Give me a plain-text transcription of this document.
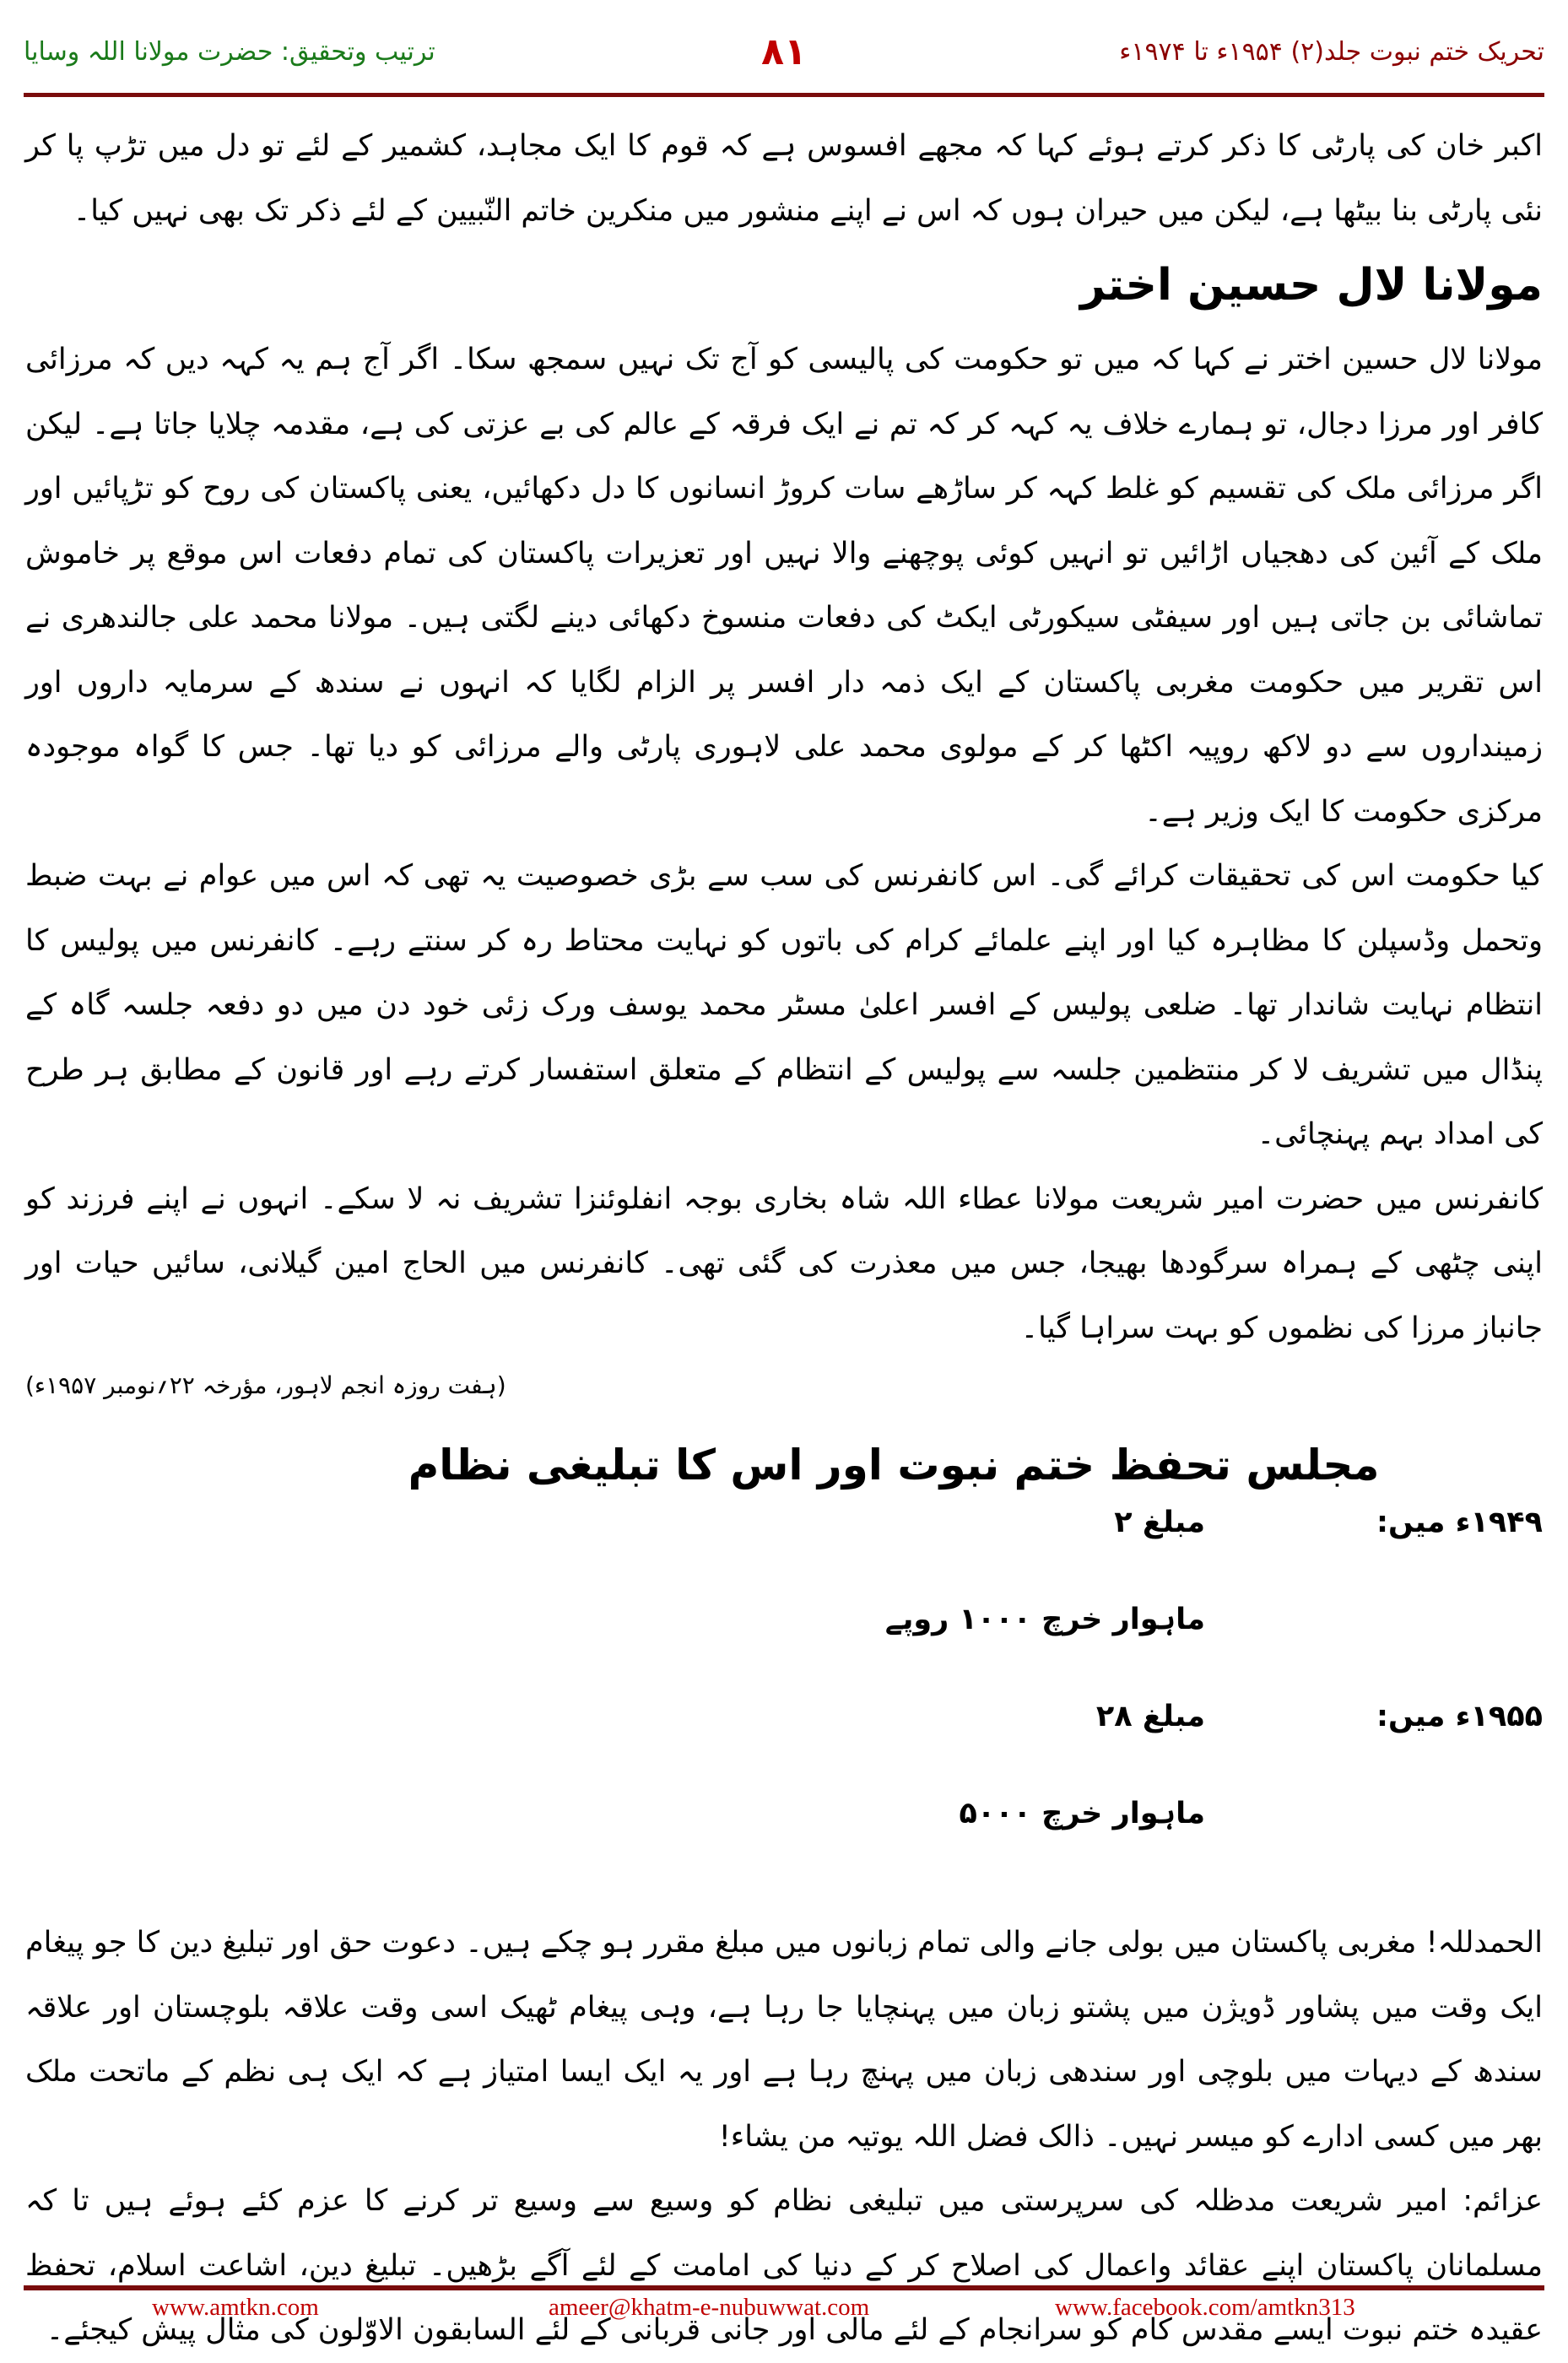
ترتیب وتحقیق: حضرت مولانا اللہ وسایا	۸۱	تحریک ختم نبوت جلد(۲) ۱۹۵۴ء تا ۱۹۷۴ء

اکبر خان کی پارٹی کا ذکر کرتے ہوئے کہا کہ مجھے افسوس ہے کہ قوم کا ایک مجاہد، کشمیر کے لئے تو دل میں تڑپ پا کر نئی پارٹی بنا بیٹھا ہے، لیکن میں حیران ہوں کہ اس نے اپنے منشور میں منکرین خاتم النّبیین کے لئے ذکر تک بھی نہیں کیا۔

مولانا لال حسین اختر

مولانا لال حسین اختر نے کہا کہ میں تو حکومت کی پالیسی کو آج تک نہیں سمجھ سکا۔ اگر آج ہم یہ کہہ دیں کہ مرزائی کافر اور مرزا دجال، تو ہمارے خلاف یہ کہہ کر کہ تم نے ایک فرقہ کے عالم کی بے عزتی کی ہے، مقدمہ چلایا جاتا ہے۔ لیکن اگر مرزائی ملک کی تقسیم کو غلط کہہ کر ساڑھے سات کروڑ انسانوں کا دل دکھائیں، یعنی پاکستان کی روح کو تڑپائیں اور ملک کے آئین کی دھجیاں اڑائیں تو انہیں کوئی پوچھنے والا نہیں اور تعزیرات پاکستان کی تمام دفعات اس موقع پر خاموش تماشائی بن جاتی ہیں اور سیفٹی سیکورٹی ایکٹ کی دفعات منسوخ دکھائی دینے لگتی ہیں۔ مولانا محمد علی جالندھری نے اس تقریر میں حکومت مغربی پاکستان کے ایک ذمہ دار افسر پر الزام لگایا کہ انہوں نے سندھ کے سرمایہ داروں اور زمینداروں سے دو لاکھ روپیہ اکٹھا کر کے مولوی محمد علی لاہوری پارٹی والے مرزائی کو دیا تھا۔ جس کا گواہ موجودہ مرکزی حکومت کا ایک وزیر ہے۔

کیا حکومت اس کی تحقیقات کرائے گی۔ اس کانفرنس کی سب سے بڑی خصوصیت یہ تھی کہ اس میں عوام نے بہت ضبط وتحمل وڈسپلن کا مظاہرہ کیا اور اپنے علمائے کرام کی باتوں کو نہایت محتاط رہ کر سنتے رہے۔ کانفرنس میں پولیس کا انتظام نہایت شاندار تھا۔ ضلعی پولیس کے افسر اعلیٰ مسٹر محمد یوسف ورک زئی خود دن میں دو دفعہ جلسہ گاہ کے پنڈال میں تشریف لا کر منتظمین جلسہ سے پولیس کے انتظام کے متعلق استفسار کرتے رہے اور قانون کے مطابق ہر طرح کی امداد بہم پہنچائی۔

کانفرنس میں حضرت امیر شریعت مولانا عطاء اللہ شاہ بخاری بوجہ انفلوئنزا تشریف نہ لا سکے۔ انہوں نے اپنے فرزند کو اپنی چٹھی کے ہمراہ سرگودھا بھیجا، جس میں معذرت کی گئی تھی۔ کانفرنس میں الحاج امین گیلانی، سائیں حیات اور جانباز مرزا کی نظموں کو بہت سراہا گیا۔

(ہفت روزہ انجم لاہور، مؤرخہ ۲۲؍نومبر ۱۹۵۷ء)

مجلس تحفظ ختم نبوت اور اس کا تبلیغی نظام
۱۹۴۹ء میں:
مبلغ ۲
ماہوار خرچ ۱۰۰۰ روپے
۱۹۵۵ء میں:
مبلغ ۲۸
ماہوار خرچ ۵۰۰۰

الحمدللہ! مغربی پاکستان میں بولی جانے والی تمام زبانوں میں مبلغ مقرر ہو چکے ہیں۔ دعوت حق اور تبلیغ دین کا جو پیغام ایک وقت میں پشاور ڈویژن میں پشتو زبان میں پہنچایا جا رہا ہے، وہی پیغام ٹھیک اسی وقت علاقہ بلوچستان اور علاقہ سندھ کے دیہات میں بلوچی اور سندھی زبان میں پہنچ رہا ہے اور یہ ایک ایسا امتیاز ہے کہ ایک ہی نظم کے ماتحت ملک بھر میں کسی ادارے کو میسر نہیں۔ ذالک فضل اللہ یوتیہ من یشاء!

عزائم: امیر شریعت مدظلہ کی سرپرستی میں تبلیغی نظام کو وسیع سے وسیع تر کرنے کا عزم کئے ہوئے ہیں تا کہ مسلمانان پاکستان اپنے عقائد واعمال کی اصلاح کر کے دنیا کی امامت کے لئے آگے بڑھیں۔ تبلیغ دین، اشاعت اسلام، تحفظ عقیدہ ختم نبوت ایسے مقدس کام کو سرانجام کے لئے مالی اور جانی قربانی کے لئے السابقون الاوّلون کی مثال پیش کیجئے۔

www.amtkn.com	ameer@khatm-e-nubuwwat.com	www.facebook.com/amtkn313
